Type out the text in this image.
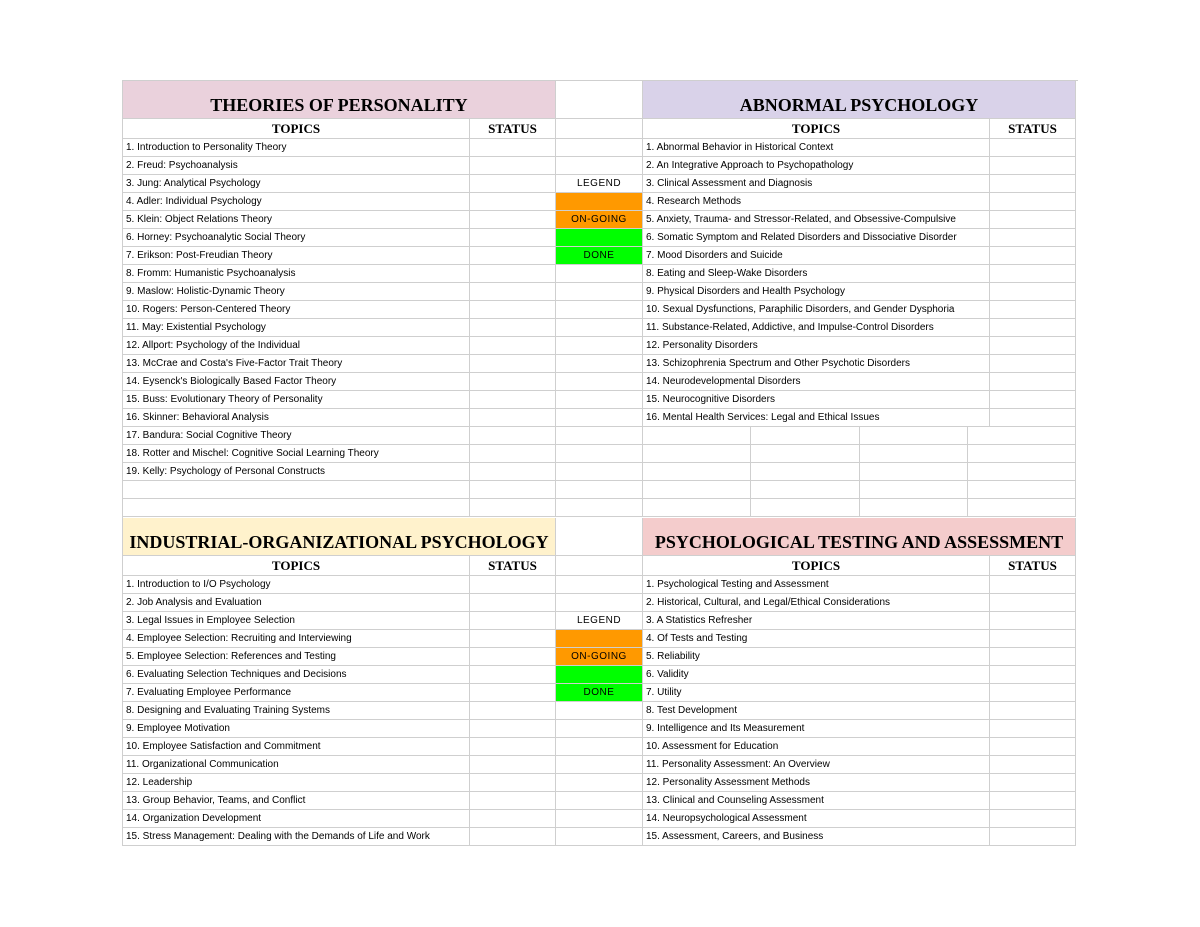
THEORIES OF PERSONALITY
TOPICS	STATUS
1. Introduction to Personality Theory
2. Freud: Psychoanalysis
3. Jung: Analytical Psychology
4. Adler: Individual Psychology
5. Klein: Object Relations Theory
6. Horney: Psychoanalytic Social Theory
7. Erikson: Post-Freudian Theory
8. Fromm: Humanistic Psychoanalysis
9. Maslow: Holistic-Dynamic Theory
10. Rogers: Person-Centered Theory
11. May: Existential Psychology
12. Allport: Psychology of the Individual
13. McCrae and Costa's Five-Factor Trait Theory
14. Eysenck's Biologically Based Factor Theory
15. Buss: Evolutionary Theory of Personality
16. Skinner: Behavioral Analysis
17. Bandura: Social Cognitive Theory
18. Rotter and Mischel: Cognitive Social Learning Theory
19. Kelly: Psychology of Personal Constructs
LEGEND
ON-GOING
DONE
ABNORMAL PSYCHOLOGY
TOPICS	STATUS
1. Abnormal Behavior in Historical Context
2. An Integrative Approach to Psychopathology
3. Clinical Assessment and Diagnosis
4. Research Methods
5. Anxiety, Trauma- and Stressor-Related, and Obsessive-Compulsive
6. Somatic Symptom and Related Disorders and Dissociative Disorder
7. Mood Disorders and Suicide
8. Eating and Sleep-Wake Disorders
9. Physical Disorders and Health Psychology
10. Sexual Dysfunctions, Paraphilic Disorders, and Gender Dysphoria
11. Substance-Related, Addictive, and Impulse-Control Disorders
12. Personality Disorders
13. Schizophrenia Spectrum and Other Psychotic Disorders
14. Neurodevelopmental Disorders
15. Neurocognitive Disorders
16. Mental Health Services: Legal and Ethical Issues
INDUSTRIAL-ORGANIZATIONAL PSYCHOLOGY
TOPICS	STATUS
1. Introduction to I/O Psychology
2. Job Analysis and Evaluation
3. Legal Issues in Employee Selection
4. Employee Selection: Recruiting and Interviewing
5. Employee Selection: References and Testing
6. Evaluating Selection Techniques and Decisions
7. Evaluating Employee Performance
8. Designing and Evaluating Training Systems
9. Employee Motivation
10. Employee Satisfaction and Commitment
11. Organizational Communication
12. Leadership
13. Group Behavior, Teams, and Conflict
14. Organization Development
15. Stress Management: Dealing with the Demands of Life and Work
LEGEND
ON-GOING
DONE
PSYCHOLOGICAL TESTING AND ASSESSMENT
TOPICS	STATUS
1. Psychological Testing and Assessment
2. Historical, Cultural, and Legal/Ethical Considerations
3. A Statistics Refresher
4. Of Tests and Testing
5. Reliability
6. Validity
7. Utility
8. Test Development
9. Intelligence and Its Measurement
10. Assessment for Education
11. Personality Assessment: An Overview
12. Personality Assessment Methods
13. Clinical and Counseling Assessment
14. Neuropsychological Assessment
15. Assessment, Careers, and Business
